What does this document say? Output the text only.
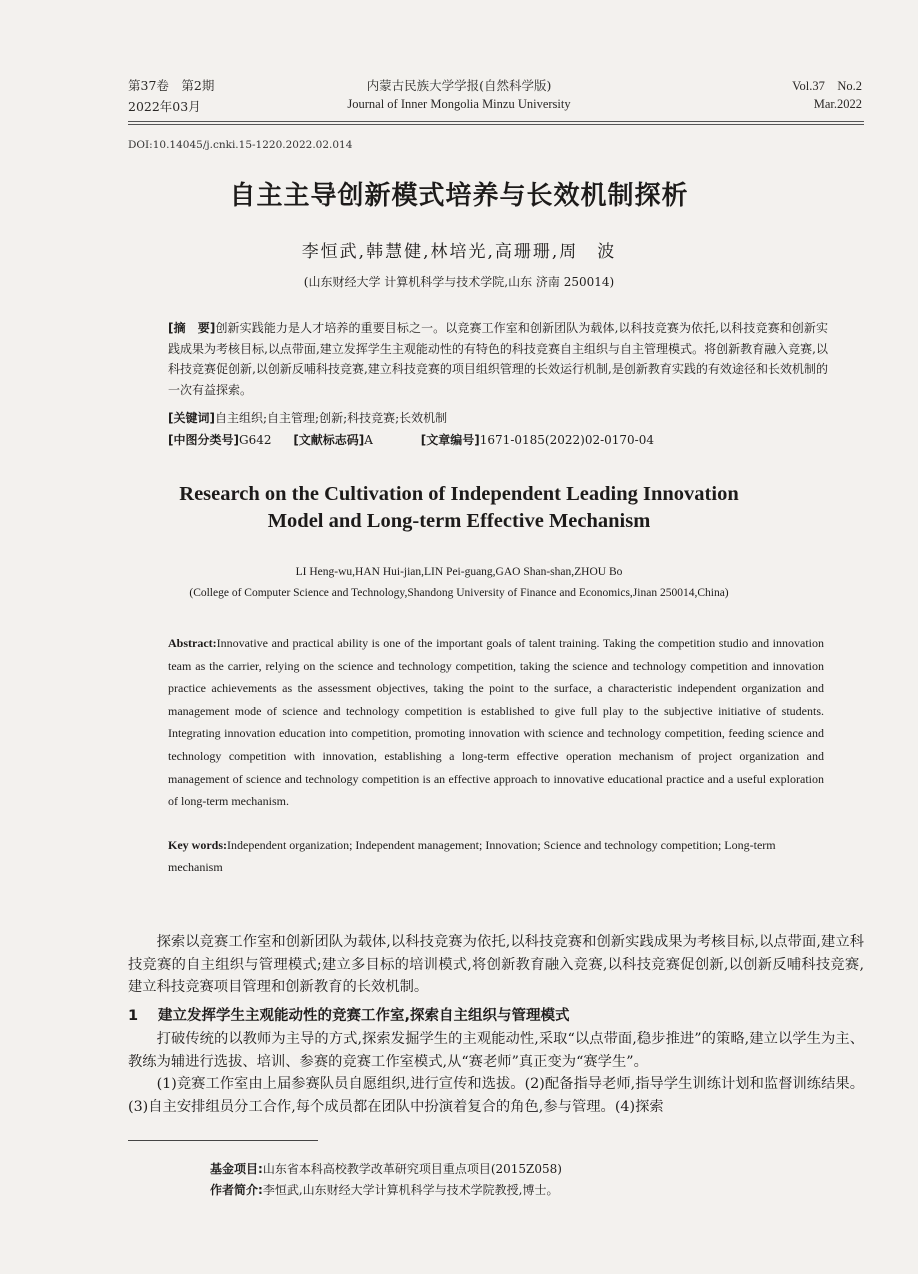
第37卷　第2期
2022年03月
内蒙古民族大学学报(自然科学版)
Journal of Inner Mongolia Minzu University
Vol.37　No.2
Mar.2022
DOI:10.14045/j.cnki.15-1220.2022.02.014
自主主导创新模式培养与长效机制探析
李恒武,韩慧健,林培光,高珊珊,周　波
(山东财经大学 计算机科学与技术学院,山东 济南 250014)
[摘　要]创新实践能力是人才培养的重要目标之一。以竞赛工作室和创新团队为载体,以科技竞赛为依托,以科技竞赛和创新实践成果为考核目标,以点带面,建立发挥学生主观能动性的有特色的科技竞赛自主组织与自主管理模式。将创新教育融入竞赛,以科技竞赛促创新,以创新反哺科技竞赛,建立科技竞赛的项目组织管理的长效运行机制,是创新教育实践的有效途径和长效机制的一次有益探索。
[关键词]自主组织;自主管理;创新;科技竞赛;长效机制
[中图分类号]G642 [文献标志码]A	[文章编号]1671-0185(2022)02-0170-04
Research on the Cultivation of Independent Leading Innovation
Model and Long-term Effective Mechanism
LI Heng-wu,HAN Hui-jian,LIN Pei-guang,GAO Shan-shan,ZHOU Bo
(College of Computer Science and Technology,Shandong University of Finance and Economics,Jinan 250014,China)
Abstract:Innovative and practical ability is one of the important goals of talent training. Taking the competition studio and innovation team as the carrier, relying on the science and technology competition, taking the science and technology competition and innovation practice achievements as the assessment objectives, taking the point to the surface, a characteristic independent organization and management mode of science and technology competition is established to give full play to the subjective initiative of students. Integrating innovation education into competition, promoting innovation with science and technology competition, feeding science and technology competition with innovation, establishing a long-term effective operation mechanism of project organization and management of science and technology competition is an effective approach to innovative educational practice and a useful exploration of long-term mechanism.
Key words:Independent organization; Independent management; Innovation; Science and technology competition; Long-term mechanism

探索以竞赛工作室和创新团队为载体,以科技竞赛为依托,以科技竞赛和创新实践成果为考核目标,以点带面,建立科技竞赛的自主组织与管理模式;建立多目标的培训模式,将创新教育融入竞赛,以科技竞赛促创新,以创新反哺科技竞赛,建立科技竞赛项目管理和创新教育的长效机制。

1 建立发挥学生主观能动性的竞赛工作室,探索自主组织与管理模式

打破传统的以教师为主导的方式,探索发掘学生的主观能动性,采取“以点带面,稳步推进”的策略,建立以学生为主、教练为辅进行选拔、培训、参赛的竞赛工作室模式,从“赛老师”真正变为“赛学生”。

(1)竞赛工作室由上届参赛队员自愿组织,进行宣传和选拔。(2)配备指导老师,指导学生训练计划和监督训练结果。(3)自主安排组员分工合作,每个成员都在团队中扮演着复合的角色,参与管理。(4)探索

基金项目:山东省本科高校教学改革研究项目重点项目(2015Z058)
作者简介:李恒武,山东财经大学计算机科学与技术学院教授,博士。
